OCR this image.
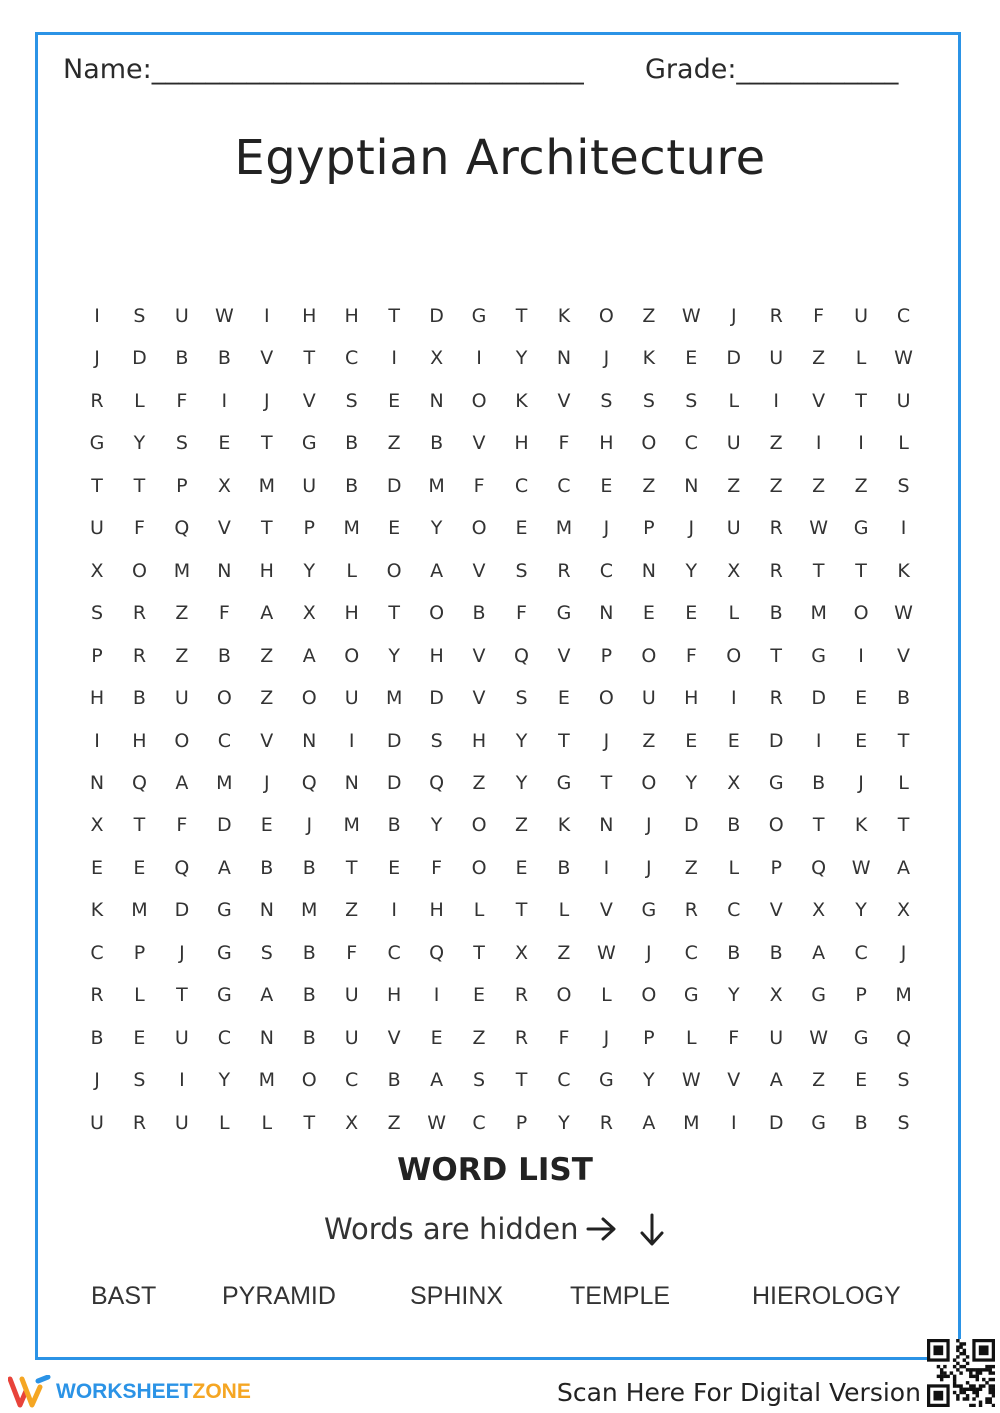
Name:________________________________ Grade:____________
Egyptian Architecture
I	S	U	W	I	H	H	T	D	G	T	K	O	Z	W	J	R	F	U	C
J	D	B	B	V	T	C	I	X	I	Y	N	J	K	E	D	U	Z	L	W
R	L	F	I	J	V	S	E	N	O	K	V	S	S	S	L	I	V	T	U
G	Y	S	E	T	G	B	Z	B	V	H	F	H	O	C	U	Z	I	I	L
T	T	P	X	M	U	B	D	M	F	C	C	E	Z	N	Z	Z	Z	Z	S
U	F	Q	V	T	P	M	E	Y	O	E	M	J	P	J	U	R	W	G	I
X	O	M	N	H	Y	L	O	A	V	S	R	C	N	Y	X	R	T	T	K
S	R	Z	F	A	X	H	T	O	B	F	G	N	E	E	L	B	M	O	W
P	R	Z	B	Z	A	O	Y	H	V	Q	V	P	O	F	O	T	G	I	V
H	B	U	O	Z	O	U	M	D	V	S	E	O	U	H	I	R	D	E	B
I	H	O	C	V	N	I	D	S	H	Y	T	J	Z	E	E	D	I	E	T
N	Q	A	M	J	Q	N	D	Q	Z	Y	G	T	O	Y	X	G	B	J	L
X	T	F	D	E	J	M	B	Y	O	Z	K	N	J	D	B	O	T	K	T
E	E	Q	A	B	B	T	E	F	O	E	B	I	J	Z	L	P	Q	W	A
K	M	D	G	N	M	Z	I	H	L	T	L	V	G	R	C	V	X	Y	X
C	P	J	G	S	B	F	C	Q	T	X	Z	W	J	C	B	B	A	C	J
R	L	T	G	A	B	U	H	I	E	R	O	L	O	G	Y	X	G	P	M
B	E	U	C	N	B	U	V	E	Z	R	F	J	P	L	F	U	W	G	Q
J	S	I	Y	M	O	C	B	A	S	T	C	G	Y	W	V	A	Z	E	S
U	R	U	L	L	T	X	Z	W	C	P	Y	R	A	M	I	D	G	B	S
WORD LIST
Words are hidden
BAST	PYRAMID	SPHINX	TEMPLE	HIEROLOGY
WORKSHEETZONE	Scan Here For Digital Version
